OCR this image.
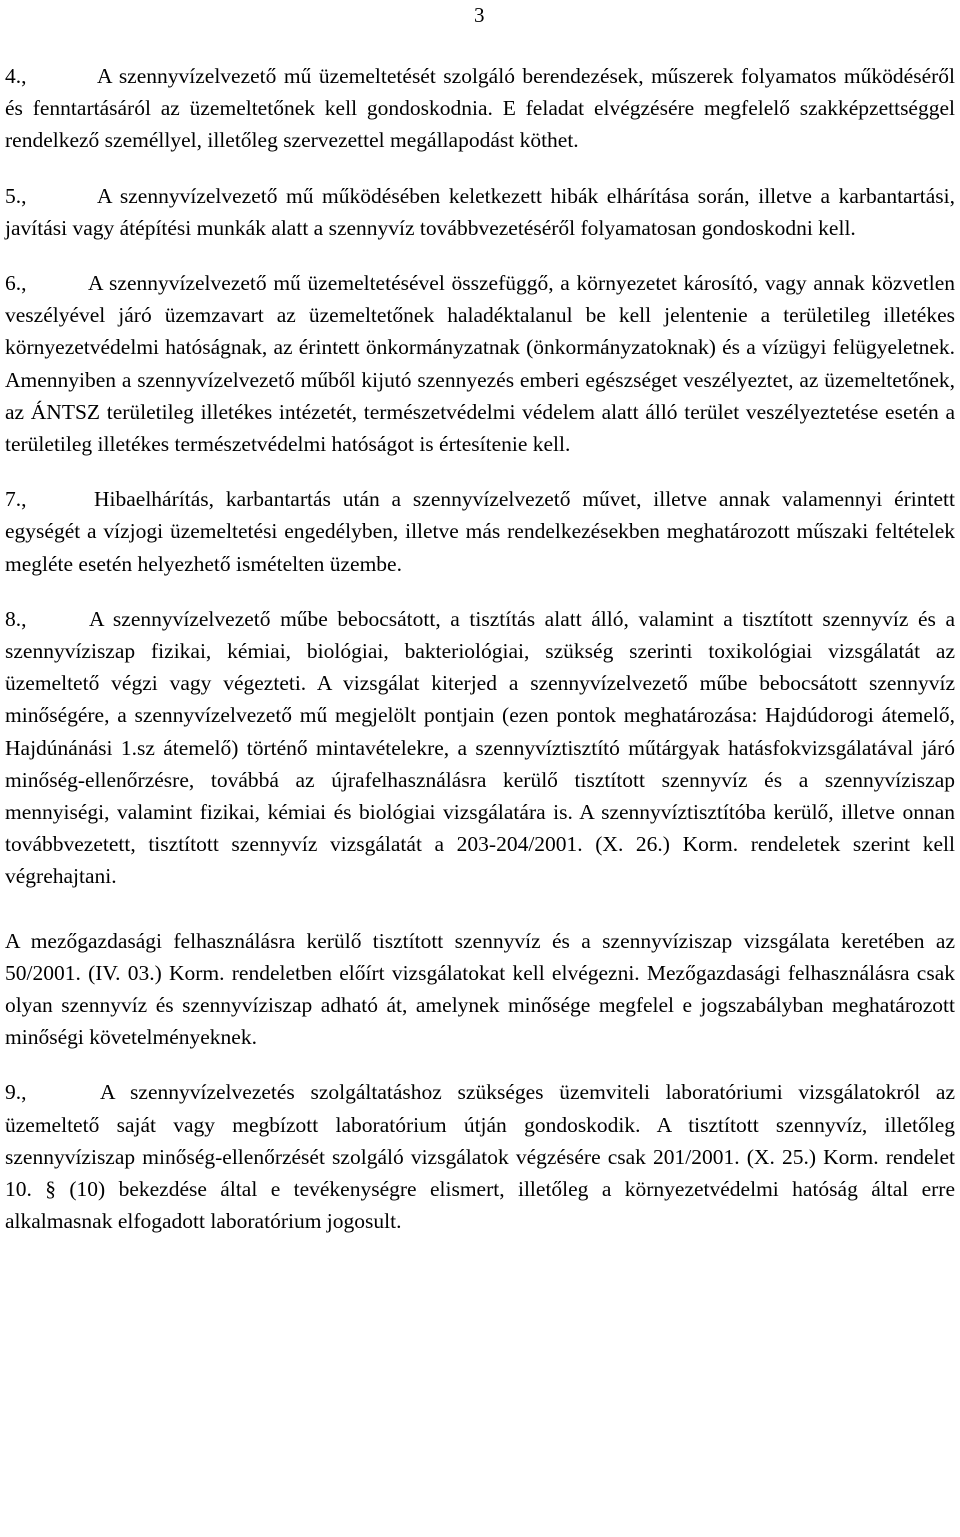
3

4.,	A szennyvízelvezető mű üzemeltetését szolgáló berendezések, műszerek folyamatos működéséről és fenntartásáról az üzemeltetőnek kell gondoskodnia. E feladat elvégzésére megfelelő szakképzettséggel rendelkező személlyel, illetőleg szervezettel megállapodást köthet.

5.,	A szennyvízelvezető mű működésében keletkezett hibák elhárítása során, illetve a karbantartási, javítási vagy átépítési munkák alatt a szennyvíz továbbvezetéséről folyamatosan gondoskodni kell.

6.,	A szennyvízelvezető mű üzemeltetésével összefüggő, a környezetet károsító, vagy annak közvetlen veszélyével járó üzemzavart az üzemeltetőnek haladéktalanul be kell jelentenie a területileg illetékes környezetvédelmi hatóságnak, az érintett önkormányzatnak (önkormányzatoknak) és a vízügyi felügyeletnek. Amennyiben a szennyvízelvezető műből kijutó szennyezés emberi egészséget veszélyeztet, az üzemeltetőnek, az ÁNTSZ területileg illetékes intézetét, természetvédelmi védelem alatt álló terület veszélyeztetése esetén a területileg illetékes természetvédelmi hatóságot is értesítenie kell.

7.,	Hibaelhárítás, karbantartás után a szennyvízelvezető művet, illetve annak valamennyi érintett egységét a vízjogi üzemeltetési engedélyben, illetve más rendelkezésekben meghatározott műszaki feltételek megléte esetén helyezhető ismételten üzembe.

8.,	A szennyvízelvezető műbe bebocsátott, a tisztítás alatt álló, valamint a tisztított szennyvíz és a szennyvíziszap fizikai, kémiai, biológiai, bakteriológiai, szükség szerinti toxikológiai vizsgálatát az üzemeltető végzi vagy végezteti. A vizsgálat kiterjed a szennyvízelvezető műbe bebocsátott szennyvíz minőségére, a szennyvízelvezető mű megjelölt pontjain (ezen pontok meghatározása: Hajdúdorogi átemelő, Hajdúnánási 1.sz átemelő) történő mintavételekre, a szennyvíztisztító műtárgyak hatásfokvizsgálatával járó minőség-ellenőrzésre, továbbá az újrafelhasználásra kerülő tisztított szennyvíz és a szennyvíziszap mennyiségi, valamint fizikai, kémiai és biológiai vizsgálatára is. A szennyvíztisztítóba kerülő, illetve onnan továbbvezetett, tisztított szennyvíz vizsgálatát a 203-204/2001. (X. 26.) Korm. rendeletek szerint kell végrehajtani.

A mezőgazdasági felhasználásra kerülő tisztított szennyvíz és a szennyvíziszap vizsgálata keretében az 50/2001. (IV. 03.) Korm. rendeletben előírt vizsgálatokat kell elvégezni. Mezőgazdasági felhasználásra csak olyan szennyvíz és szennyvíziszap adható át, amelynek minősége megfelel e jogszabályban meghatározott minőségi követelményeknek.

9.,	A szennyvízelvezetés szolgáltatáshoz szükséges üzemviteli laboratóriumi vizsgálatokról az üzemeltető saját vagy megbízott laboratórium útján gondoskodik. A tisztított szennyvíz, illetőleg szennyvíziszap minőség-ellenőrzését szolgáló vizsgálatok végzésére csak 201/2001. (X. 25.) Korm. rendelet 10. § (10) bekezdése által e tevékenységre elismert, illetőleg a környezetvédelmi hatóság által erre alkalmasnak elfogadott laboratórium jogosult.
